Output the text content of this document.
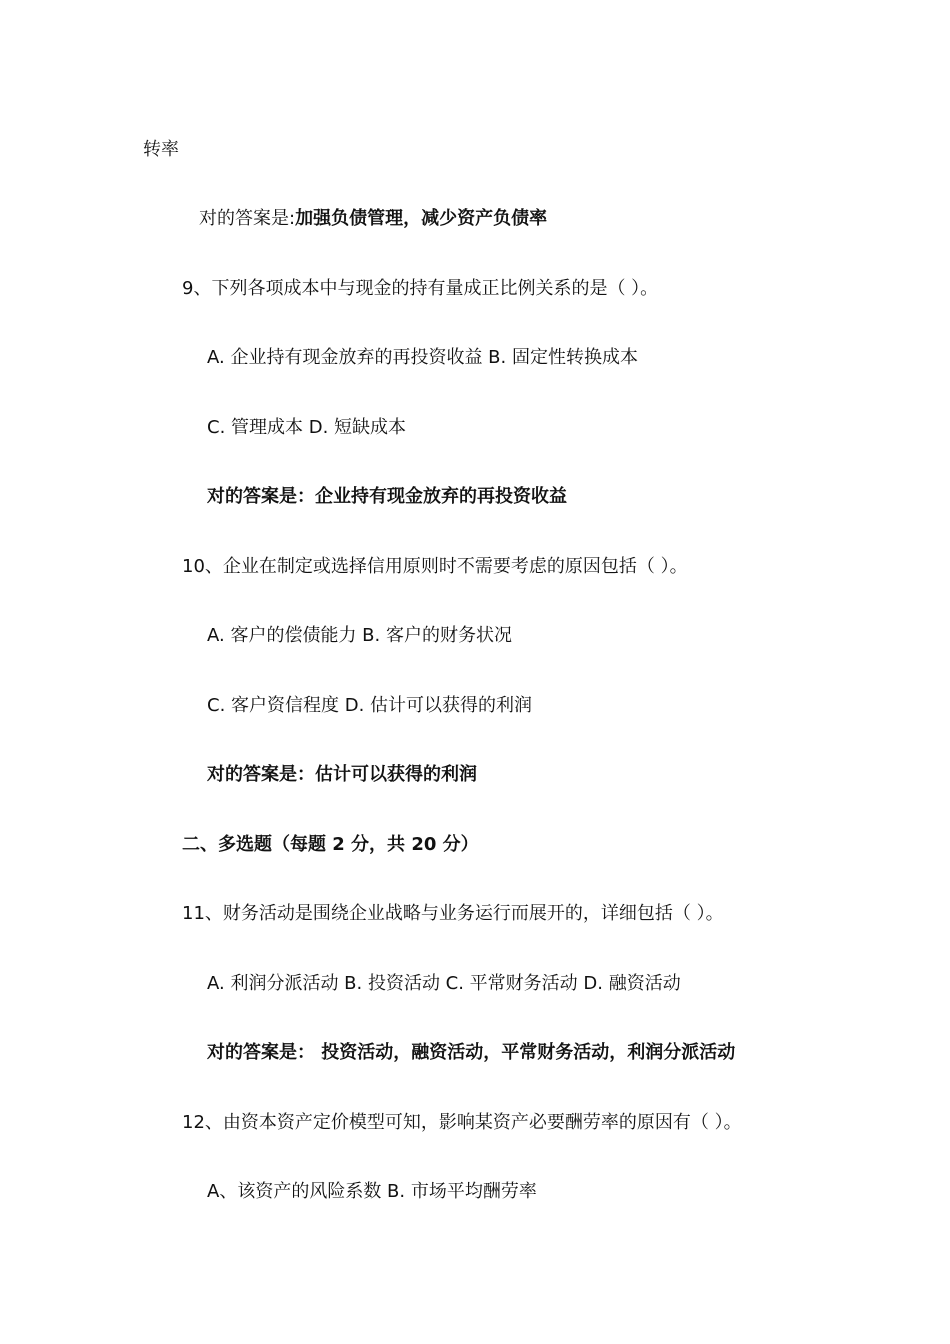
转率
对的答案是:加强负债管理，减少资产负债率
9、下列各项成本中与现金的持有量成正比例关系的是（ ）。
A. 企业持有现金放弃的再投资收益 B. 固定性转换成本
C. 管理成本 D. 短缺成本
对的答案是：企业持有现金放弃的再投资收益
10、企业在制定或选择信用原则时不需要考虑的原因包括（ ）。
A. 客户的偿债能力 B. 客户的财务状况
C. 客户资信程度 D. 估计可以获得的利润
对的答案是：估计可以获得的利润
二、多选题（每题 2 分，共 20 分）
11、财务活动是围绕企业战略与业务运行而展开的，详细包括（ ）。
A. 利润分派活动 B. 投资活动 C. 平常财务活动 D. 融资活动
对的答案是： 投资活动，融资活动，平常财务活动，利润分派活动
12、由资本资产定价模型可知，影响某资产必要酬劳率的原因有（ ）。
A、该资产的风险系数 B. 市场平均酬劳率
